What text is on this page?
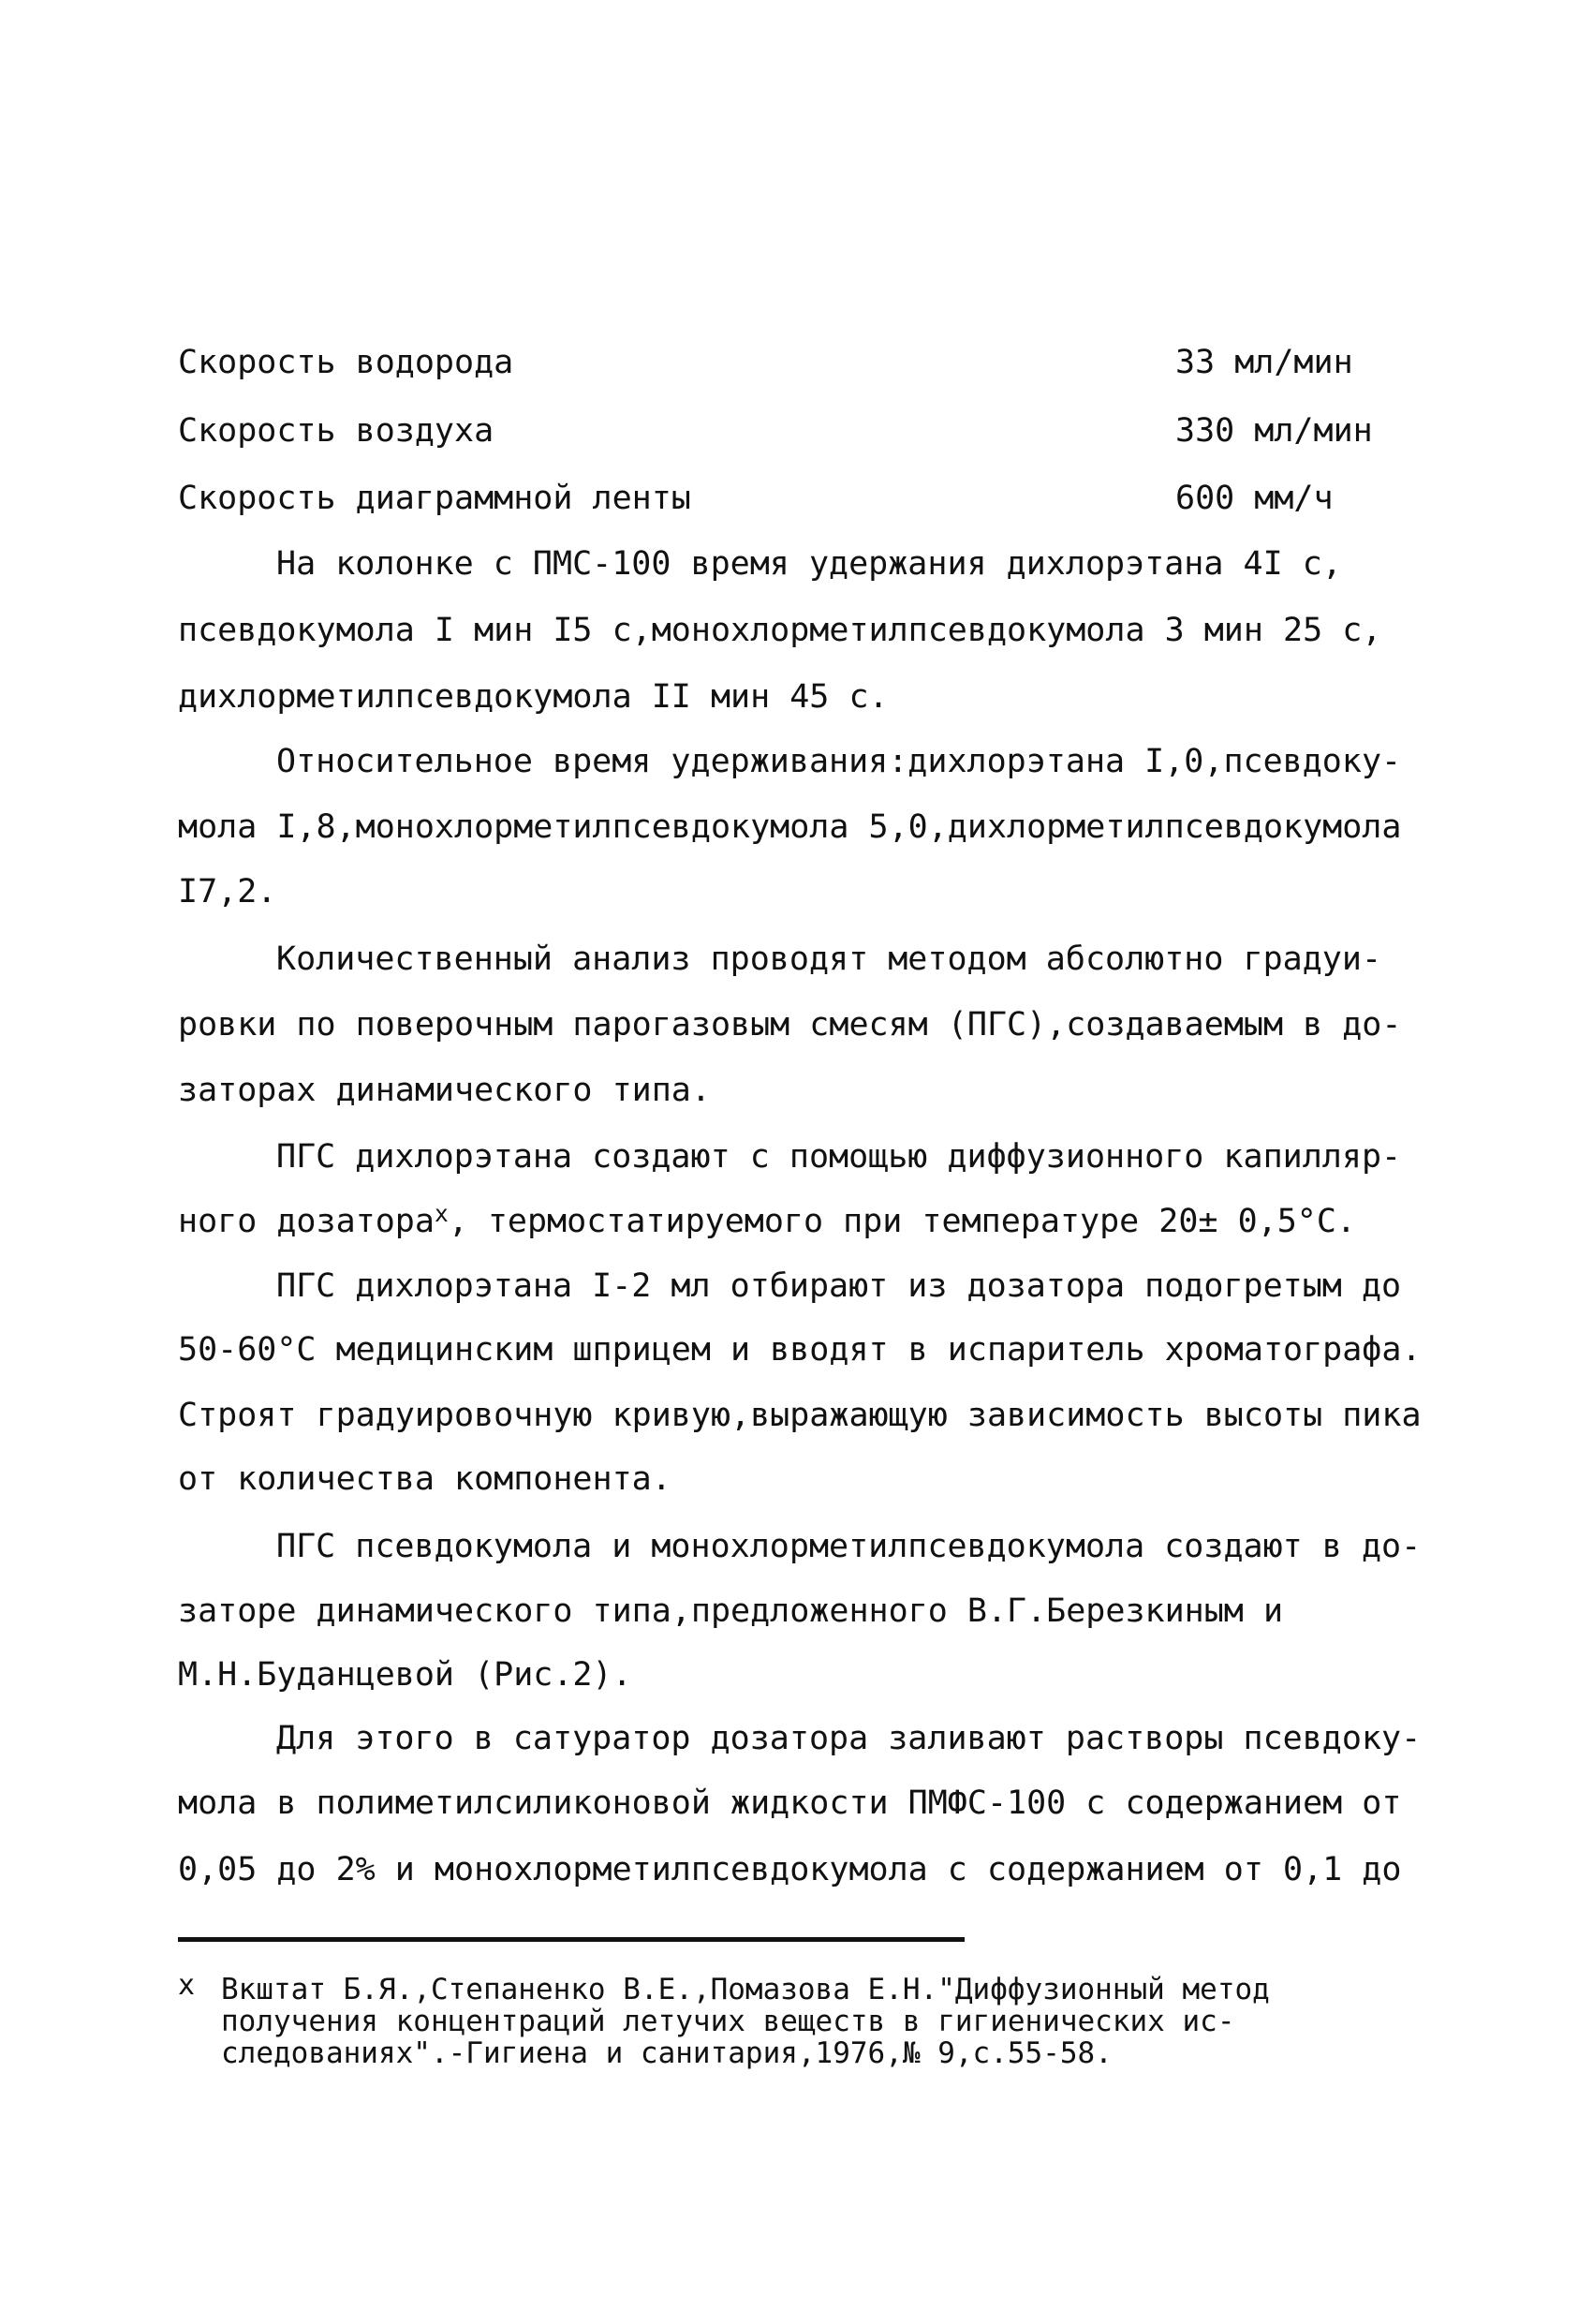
Скорость водорода	33 мл/мин
Скорость воздуха	330 мл/мин
Скорость диаграммной ленты	600 мм/ч
На колонке с ПМС-100 время удержания дихлорэтана 4I с,
псевдокумола I мин I5 с,монохлорметилпсевдокумола 3 мин 25 с,
дихлорметилпсевдокумола II мин 45 с.
Относительное время удерживания:дихлорэтана I,0,псевдоку-
мола I,8,монохлорметилпсевдокумола 5,0,дихлорметилпсевдокумола
I7,2.
Количественный анализ проводят методом абсолютно градуи-
ровки по поверочным парогазовым смесям (ПГС),создаваемым в до-
заторах динамического типа.
ПГС дихлорэтана создают с помощью диффузионного капилляр-
ного дозатора$^х$, термостатируемого при температуре 20± 0,5°С.
ПГС дихлорэтана I-2 мл отбирают из дозатора подогретым до
50-60°С медицинским шприцем и вводят в испаритель хроматографа.
Строят градуировочную кривую,выражающую зависимость высоты пика
от количества компонента.
ПГС псевдокумола и монохлорметилпсевдокумола создают в до-
заторе динамического типа,предложенного В.Г.Березкиным и
М.Н.Буданцевой (Рис.2).
Для этого в сатуратор дозатора заливают растворы псевдоку-
мола в полиметилсиликоновой жидкости ПМФС-100 с содержанием от
0,05 до 2% и монохлорметилпсевдокумола с содержанием от 0,1 до
х Вкштат Б.Я.,Степаненко В.Е.,Помазова Е.Н."Диффузионный метод
получения концентраций летучих веществ в гигиенических ис-
следованиях".-Гигиена и санитария,1976,№ 9,с.55-58.
